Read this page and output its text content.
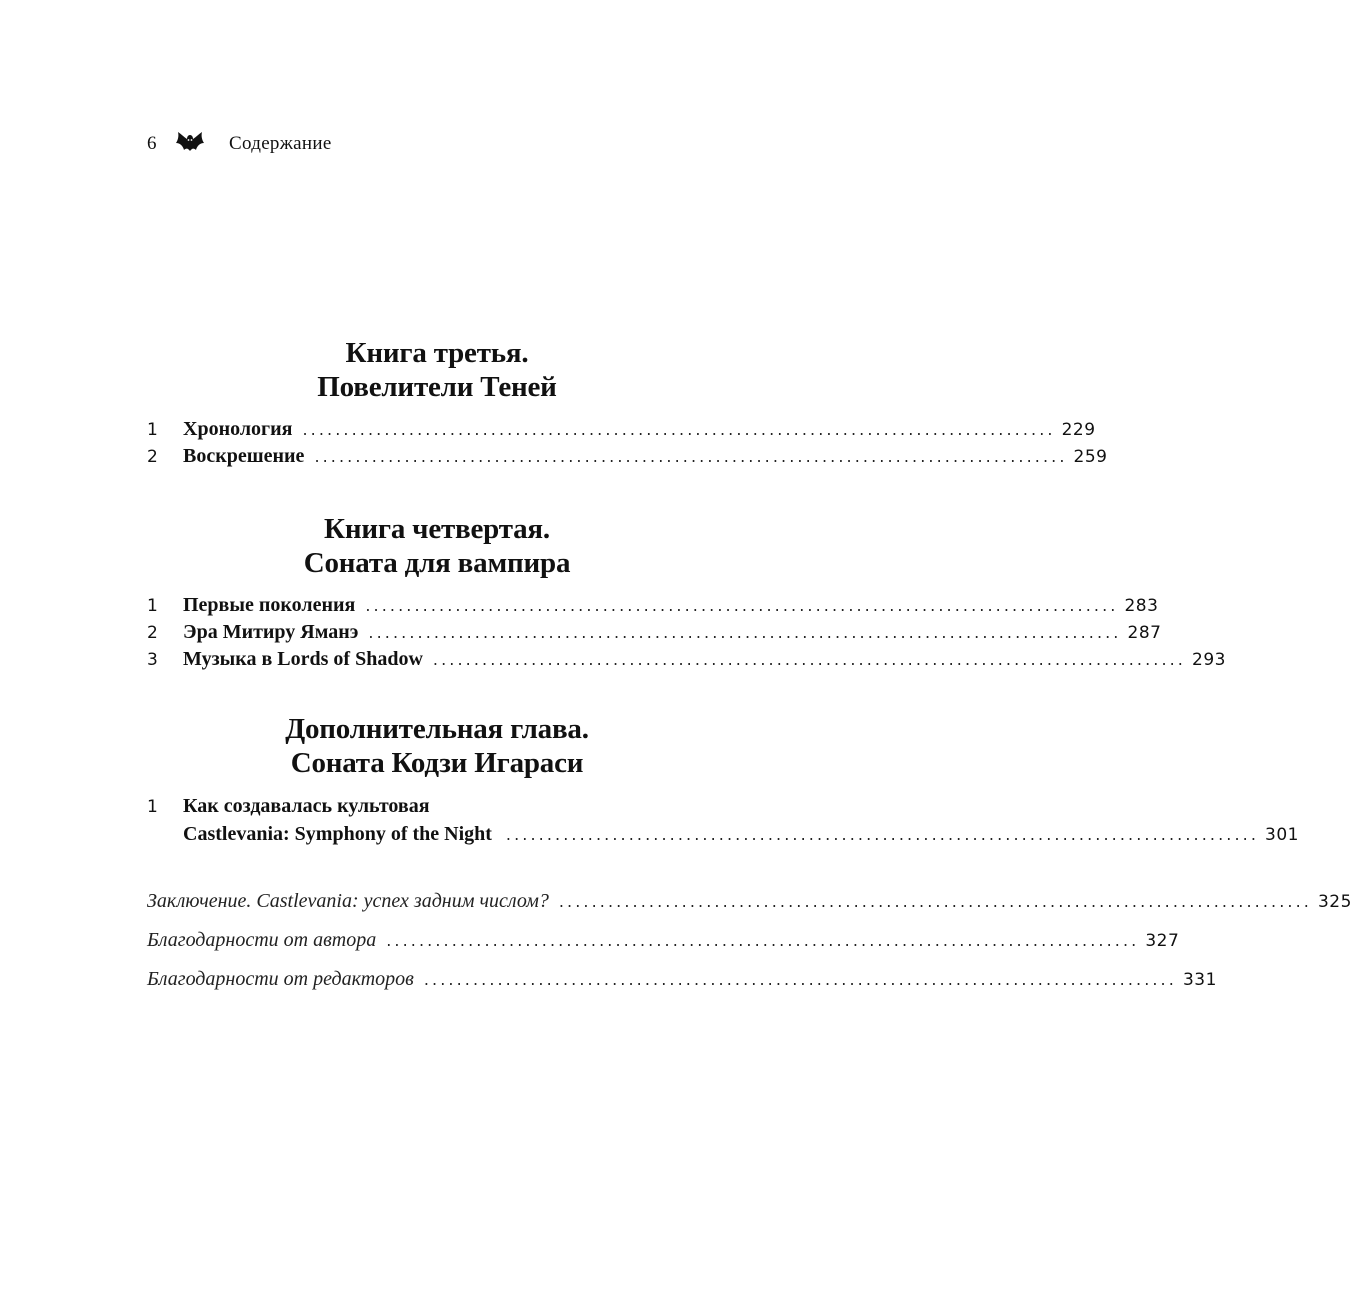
6	Содержание
Книга третья.
Повелители Теней
1	Хронология ............................................................................................ 229
2	Воскрешение ............................................................................................ 259
Книга четвертая.
Соната для вампира
1	Первые поколения ............................................................................................ 283
2	Эра Митиру Яманэ ............................................................................................ 287
3	Музыка в Lords of Shadow ............................................................................................ 293
Дополнительная глава.
Соната Кодзи Игараси
1	Как создавалась культовая
Castlevania: Symphony of the Night ............................................................................................ 301
Заключение. Castlevania: успех задним числом? ............................................................................................ 325
Благодарности от автора ............................................................................................ 327
Благодарности от редакторов ............................................................................................ 331
